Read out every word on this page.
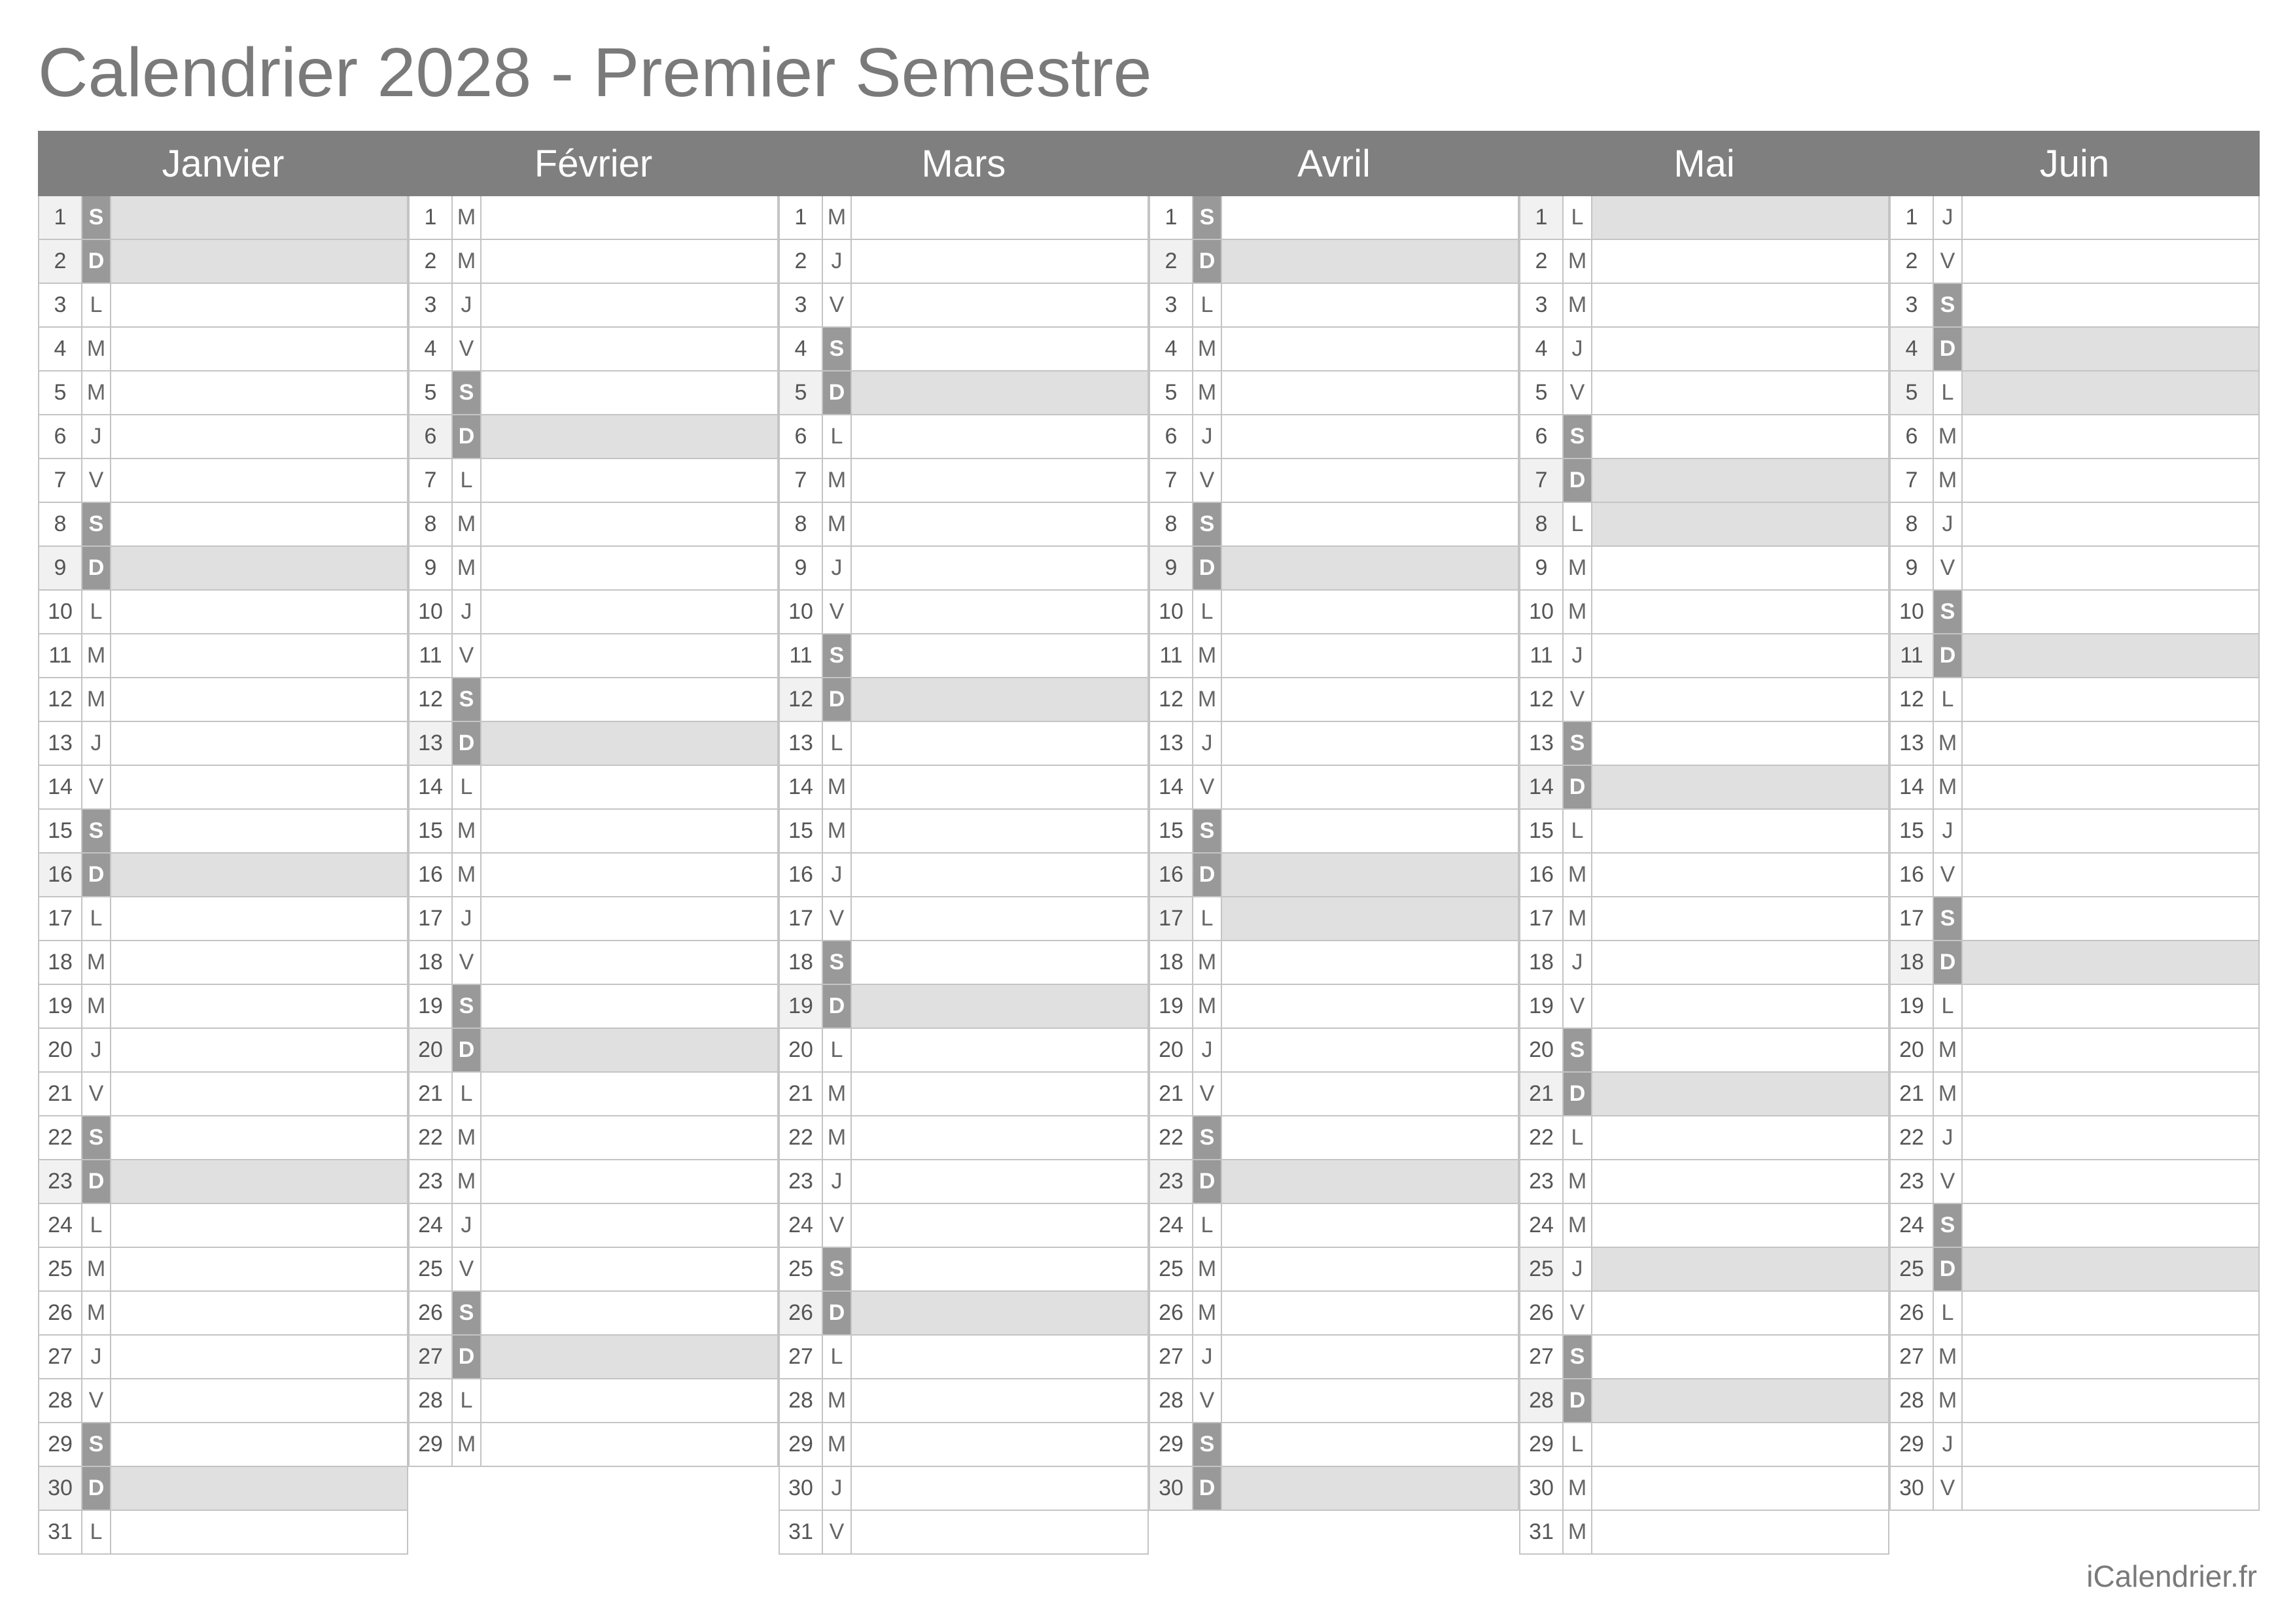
Calendrier 2028 - Premier Semestre
Janvier
1	S
2 D
3	L
4 M
5 M
6	J
7	V
8	S
9 D
10 L
11 M
12 M
13 J
14 V
15 S
16 D
17 L
18 M
19 M
20 J
21 V
22 S
23 D
24 L
25 M
26 M
27 J
28 V
29 S
30 D
31 L
Février
1 M
2 M
3	J
4	V
5	S
6 D
7	L
8 M
9 M
10 J
11 V
12 S
13 D
14 L
15 M
16 M
17 J
18 V
19 S
20 D
21 L
22 M
23 M
24 J
25 V
26 S
27 D
28 L
29 M
Mars
1 M
2	J
3	V
4	S
5 D
6	L
7 M
8 M
9	J
10 V
11 S
12 D
13 L
14 M
15 M
16 J
17 V
18 S
19 D
20 L
21 M
22 M
23 J
24 V
25 S
26 D
27 L
28 M
29 M
30 J
31 V
Avril
1	S
2 D
3	L
4 M
5 M
6	J
7	V
8	S
9 D
10 L
11 M
12 M
13 J
14 V
15 S
16 D
17 L
18 M
19 M
20 J
21 V
22 S
23 D
24 L
25 M
26 M
27 J
28 V
29 S
30 D
Mai
1	L
2 M
3 M
4	J
5	V
6	S
7 D
8	L
9 M
10 M
11 J
12 V
13 S
14 D
15 L
16 M
17 M
18 J
19 V
20 S
21 D
22 L
23 M
24 M
25 J
26 V
27 S
28 D
29 L
30 M
31 M
Juin
1	J
2	V
3	S
4 D
5	L
6 M
7 M
8	J
9	V
10 S
11 D
12 L
13 M
14 M
15 J
16 V
17 S
18 D
19 L
20 M
21 M
22 J
23 V
24 S
25 D
26 L
27 M
28 M
29 J
30 V
iCalendrier.fr
